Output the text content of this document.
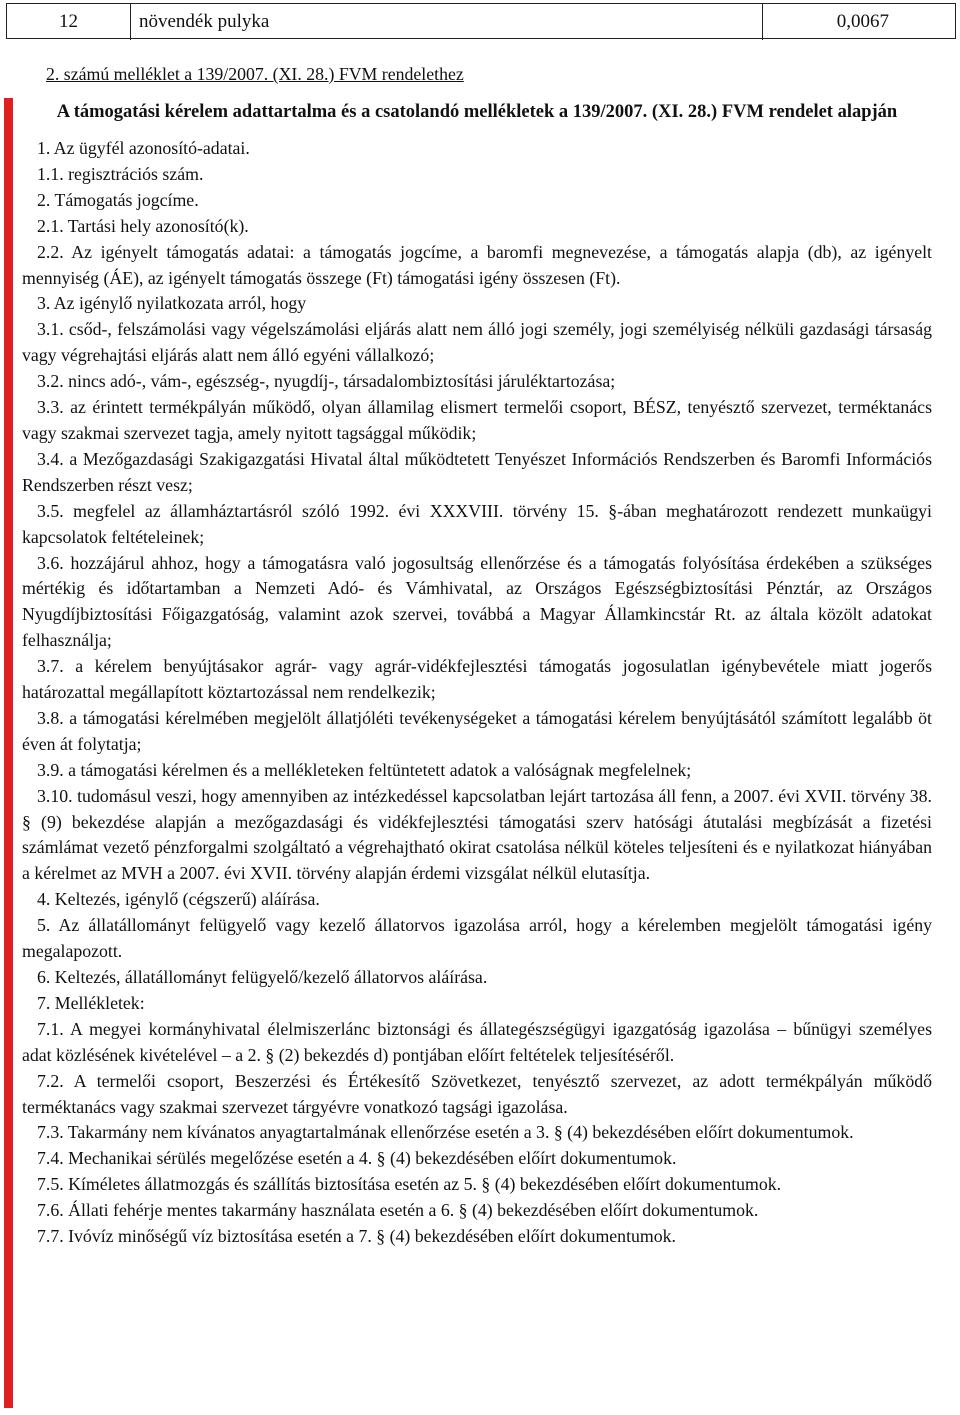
12	növendék pulyka	0,0067
2. számú melléklet a 139/2007. (XI. 28.) FVM rendelethez
A támogatási kérelem adattartalma és a csatolandó mellékletek a 139/2007. (XI. 28.) FVM rendelet alapján

1. Az ügyfél azonosító-adatai.

1.1. regisztrációs szám.

2. Támogatás jogcíme.

2.1. Tartási hely azonosító(k).

2.2. Az igényelt támogatás adatai: a támogatás jogcíme, a baromfi megnevezése, a támogatás alapja (db), az igényelt mennyiség (ÁE), az igényelt támogatás összege (Ft) támogatási igény összesen (Ft).

3. Az igénylő nyilatkozata arról, hogy

3.1. csőd-, felszámolási vagy végelszámolási eljárás alatt nem álló jogi személy, jogi személyiség nélküli gazdasági társaság vagy végrehajtási eljárás alatt nem álló egyéni vállalkozó;

3.2. nincs adó-, vám-, egészség-, nyugdíj-, társadalombiztosítási járuléktartozása;

3.3. az érintett termékpályán működő, olyan államilag elismert termelői csoport, BÉSZ, tenyésztő szervezet, terméktanács vagy szakmai szervezet tagja, amely nyitott tagsággal működik;

3.4. a Mezőgazdasági Szakigazgatási Hivatal által működtetett Tenyészet Információs Rendszerben és Baromfi Információs Rendszerben részt vesz;

3.5. megfelel az államháztartásról szóló 1992. évi XXXVIII. törvény 15. §-ában meghatározott rendezett munkaügyi kapcsolatok feltételeinek;

3.6. hozzájárul ahhoz, hogy a támogatásra való jogosultság ellenőrzése és a támogatás folyósítása érdekében a szükséges mértékig és időtartamban a Nemzeti Adó- és Vámhivatal, az Országos Egészségbiztosítási Pénztár, az Országos Nyugdíjbiztosítási Főigazgatóság, valamint azok szervei, továbbá a Magyar Államkincstár Rt. az általa közölt adatokat felhasználja;

3.7. a kérelem benyújtásakor agrár- vagy agrár-vidékfejlesztési támogatás jogosulatlan igénybevétele miatt jogerős határozattal megállapított köztartozással nem rendelkezik;

3.8. a támogatási kérelmében megjelölt állatjóléti tevékenységeket a támogatási kérelem benyújtásától számított legalább öt éven át folytatja;

3.9. a támogatási kérelmen és a mellékleteken feltüntetett adatok a valóságnak megfelelnek;

3.10. tudomásul veszi, hogy amennyiben az intézkedéssel kapcsolatban lejárt tartozása áll fenn, a 2007. évi XVII. törvény 38. § (9) bekezdése alapján a mezőgazdasági és vidékfejlesztési támogatási szerv hatósági átutalási megbízását a fizetési számlámat vezető pénzforgalmi szolgáltató a végrehajtható okirat csatolása nélkül köteles teljesíteni és e nyilatkozat hiányában a kérelmet az MVH a 2007. évi XVII. törvény alapján érdemi vizsgálat nélkül elutasítja.

4. Keltezés, igénylő (cégszerű) aláírása.

5. Az állatállományt felügyelő vagy kezelő állatorvos igazolása arról, hogy a kérelemben megjelölt támogatási igény megalapozott.

6. Keltezés, állatállományt felügyelő/kezelő állatorvos aláírása.

7. Mellékletek:

7.1. A megyei kormányhivatal élelmiszerlánc biztonsági és állategészségügyi igazgatóság igazolása – bűnügyi személyes adat közlésének kivételével – a 2. § (2) bekezdés d) pontjában előírt feltételek teljesítéséről.

7.2. A termelői csoport, Beszerzési és Értékesítő Szövetkezet, tenyésztő szervezet, az adott termékpályán működő terméktanács vagy szakmai szervezet tárgyévre vonatkozó tagsági igazolása.

7.3. Takarmány nem kívánatos anyagtartalmának ellenőrzése esetén a 3. § (4) bekezdésében előírt dokumentumok.

7.4. Mechanikai sérülés megelőzése esetén a 4. § (4) bekezdésében előírt dokumentumok.

7.5. Kíméletes állatmozgás és szállítás biztosítása esetén az 5. § (4) bekezdésében előírt dokumentumok.

7.6. Állati fehérje mentes takarmány használata esetén a 6. § (4) bekezdésében előírt dokumentumok.

7.7. Ivóvíz minőségű víz biztosítása esetén a 7. § (4) bekezdésében előírt dokumentumok.
